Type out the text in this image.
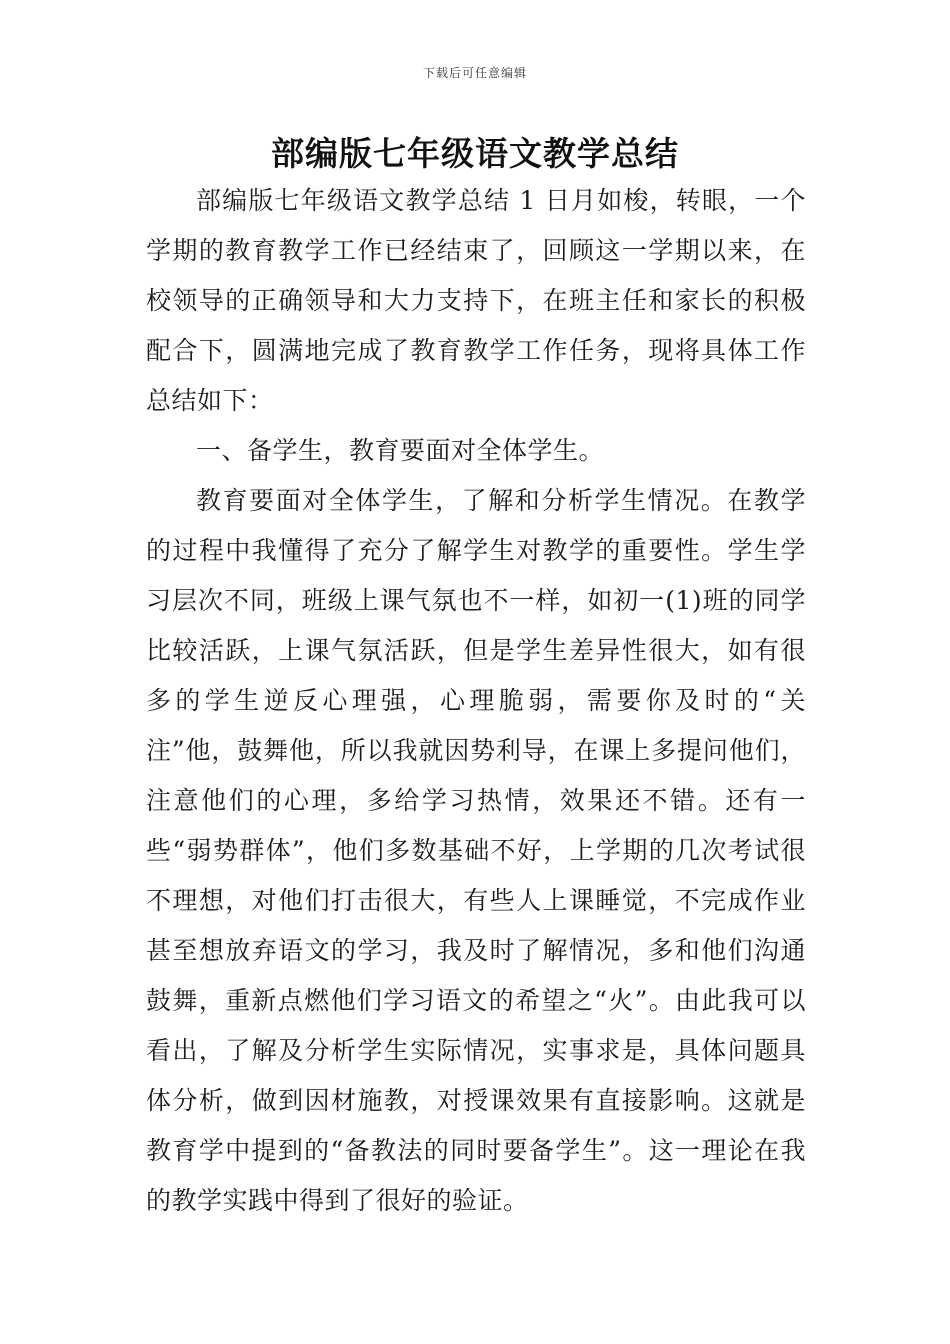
下载后可任意编辑
部编版七年级语文教学总结

部编版七年级语文教学总结 1 日月如梭，转眼，一个学期的教育教学工作已经结束了，回顾这一学期以来，在校领导的正确领导和大力支持下，在班主任和家长的积极配合下，圆满地完成了教育教学工作任务，现将具体工作总结如下：

一、备学生，教育要面对全体学生。

教育要面对全体学生，了解和分析学生情况。在教学的过程中我懂得了充分了解学生对教学的重要性。学生学习层次不同，班级上课气氛也不一样，如初一(1)班的同学比较活跃，上课气氛活跃，但是学生差异性很大，如有很多的学生逆反心理强，心理脆弱，需要你及时的“关注”他，鼓舞他，所以我就因势利导，在课上多提问他们，注意他们的心理，多给学习热情，效果还不错。还有一些“弱势群体”，他们多数基础不好，上学期的几次考试很不理想，对他们打击很大，有些人上课睡觉，不完成作业甚至想放弃语文的学习，我及时了解情况，多和他们沟通鼓舞，重新点燃他们学习语文的希望之“火”。由此我可以看出，了解及分析学生实际情况，实事求是，具体问题具体分析，做到因材施教，对授课效果有直接影响。这就是教育学中提到的“备教法的同时要备学生”。这一理论在我的教学实践中得到了很好的验证。
